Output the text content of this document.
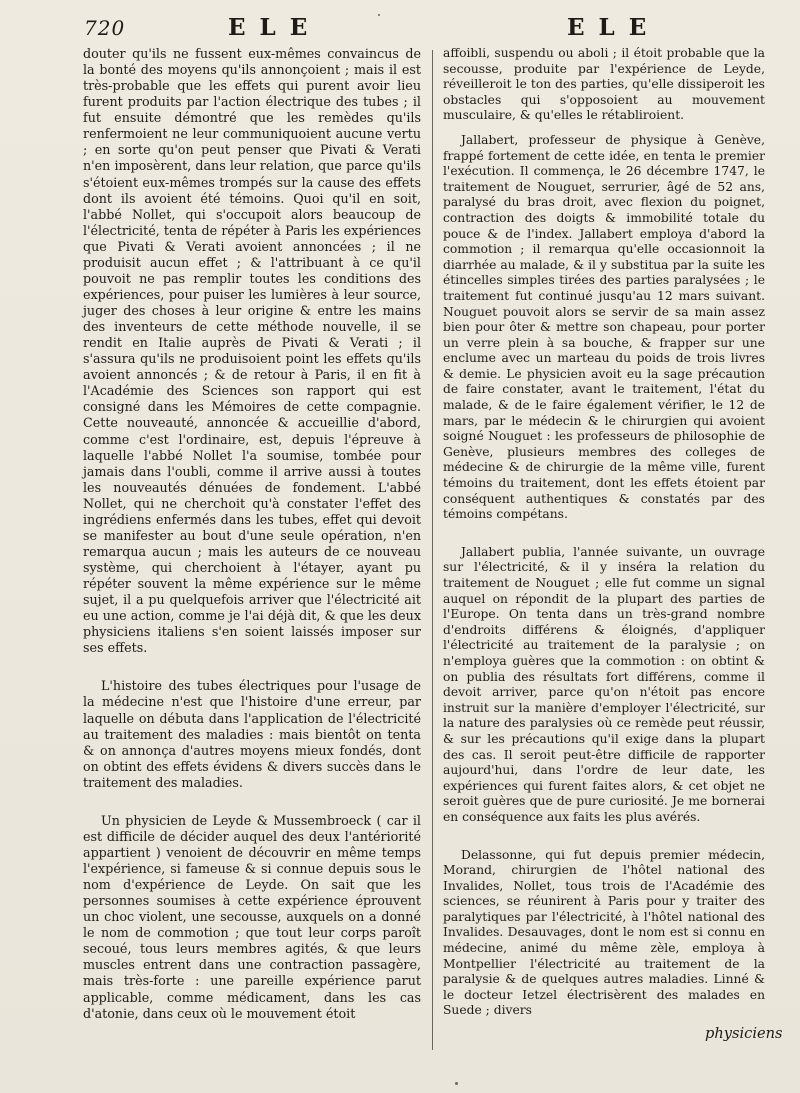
720	E L E	E L E

douter qu'ils ne fussent eux-mêmes convaincus de la bonté des moyens qu'ils annonçoient ; mais il est très-probable que les effets qui purent avoir lieu furent produits par l'action électrique des tubes ; il fut ensuite démontré que les remèdes qu'ils renfermoient ne leur communiquoient aucune vertu ; en sorte qu'on peut penser que Pivati & Verati n'en imposèrent, dans leur relation, que parce qu'ils s'étoient eux-mêmes trompés sur la cause des effets dont ils avoient été témoins. Quoi qu'il en soit, l'abbé Nollet, qui s'occupoit alors beaucoup de l'électricité, tenta de répéter à Paris les expériences que Pivati & Verati avoient annoncées ; il ne produisit aucun effet ; & l'attribuant à ce qu'il pouvoit ne pas remplir toutes les conditions des expériences, pour puiser les lumières à leur source, juger des choses à leur origine & entre les mains des inventeurs de cette méthode nouvelle, il se rendit en Italie auprès de Pivati & Verati ; il s'assura qu'ils ne produisoient point les effets qu'ils avoient annoncés ; & de retour à Paris, il en fit à l'Académie des Sciences son rapport qui est consigné dans les Mémoires de cette compagnie. Cette nouveauté, annoncée & accueillie d'abord, comme c'est l'ordinaire, est, depuis l'épreuve à laquelle l'abbé Nollet l'a soumise, tombée pour jamais dans l'oubli, comme il arrive aussi à toutes les nouveautés dénuées de fondement. L'abbé Nollet, qui ne cherchoit qu'à constater l'effet des ingrédiens enfermés dans les tubes, effet qui devoit se manifester au bout d'une seule opération, n'en remarqua aucun ; mais les auteurs de ce nouveau système, qui cherchoient à l'étayer, ayant pu répéter souvent la même expérience sur le même sujet, il a pu quelquefois arriver que l'électricité ait eu une action, comme je l'ai déjà dit, & que les deux physiciens italiens s'en soient laissés imposer sur ses effets.

L'histoire des tubes électriques pour l'usage de la médecine n'est que l'histoire d'une erreur, par laquelle on débuta dans l'application de l'électricité au traitement des maladies : mais bientôt on tenta & on annonça d'autres moyens mieux fondés, dont on obtint des effets évidens & divers succès dans le traitement des maladies.

Un physicien de Leyde & Mussembroeck ( car il est difficile de décider auquel des deux l'antériorité appartient ) venoient de découvrir en même temps l'expérience, si fameuse & si connue depuis sous le nom d'expérience de Leyde. On sait que les personnes soumises à cette expérience éprouvent un choc violent, une secousse, auxquels on a donné le nom de commotion ; que tout leur corps paroît secoué, tous leurs membres agités, & que leurs muscles entrent dans une contraction passagère, mais très-forte : une pareille expérience parut applicable, comme médicament, dans les cas d'atonie, dans ceux où le mouvement étoit

affoibli, suspendu ou aboli ; il étoit probable que la secousse, produite par l'expérience de Leyde, réveilleroit le ton des parties, qu'elle dissiperoit les obstacles qui s'opposoient au mouvement musculaire, & qu'elles le rétabliroient.

Jallabert, professeur de physique à Genève, frappé fortement de cette idée, en tenta le premier l'exécution. Il commença, le 26 décembre 1747, le traitement de Nouguet, serrurier, âgé de 52 ans, paralysé du bras droit, avec flexion du poignet, contraction des doigts & immobilité totale du pouce & de l'index. Jallabert employa d'abord la commotion ; il remarqua qu'elle occasionnoit la diarrhée au malade, & il y substitua par la suite les étincelles simples tirées des parties paralysées ; le traitement fut continué jusqu'au 12 mars suivant. Nouguet pouvoit alors se servir de sa main assez bien pour ôter & mettre son chapeau, pour porter un verre plein à sa bouche, & frapper sur une enclume avec un marteau du poids de trois livres & demie. Le physicien avoit eu la sage précaution de faire constater, avant le traitement, l'état du malade, & de le faire également vérifier, le 12 de mars, par le médecin & le chirurgien qui avoient soigné Nouguet : les professeurs de philosophie de Genève, plusieurs membres des colleges de médecine & de chirurgie de la même ville, furent témoins du traitement, dont les effets étoient par conséquent authentiques & constatés par des témoins compétans.

Jallabert publia, l'année suivante, un ouvrage sur l'électricité, & il y inséra la relation du traitement de Nouguet ; elle fut comme un signal auquel on répondit de la plupart des parties de l'Europe. On tenta dans un très-grand nombre d'endroits différens & éloignés, d'appliquer l'électricité au traitement de la paralysie ; on n'employa guères que la commotion : on obtint & on publia des résultats fort différens, comme il devoit arriver, parce qu'on n'étoit pas encore instruit sur la manière d'employer l'électricité, sur la nature des paralysies où ce remède peut réussir, & sur les précautions qu'il exige dans la plupart des cas. Il seroit peut-être difficile de rapporter aujourd'hui, dans l'ordre de leur date, les expériences qui furent faites alors, & cet objet ne seroit guères que de pure curiosité. Je me bornerai en conséquence aux faits les plus avérés.

Delassonne, qui fut depuis premier médecin, Morand, chirurgien de l'hôtel national des Invalides, Nollet, tous trois de l'Académie des sciences, se réunirent à Paris pour y traiter des paralytiques par l'électricité, à l'hôtel national des Invalides. Desauvages, dont le nom est si connu en médecine, animé du même zèle, employa à Montpellier l'électricité au traitement de la paralysie & de quelques autres maladies. Linné & le docteur Ietzel électrisèrent des malades en Suede ; divers

physiciens
